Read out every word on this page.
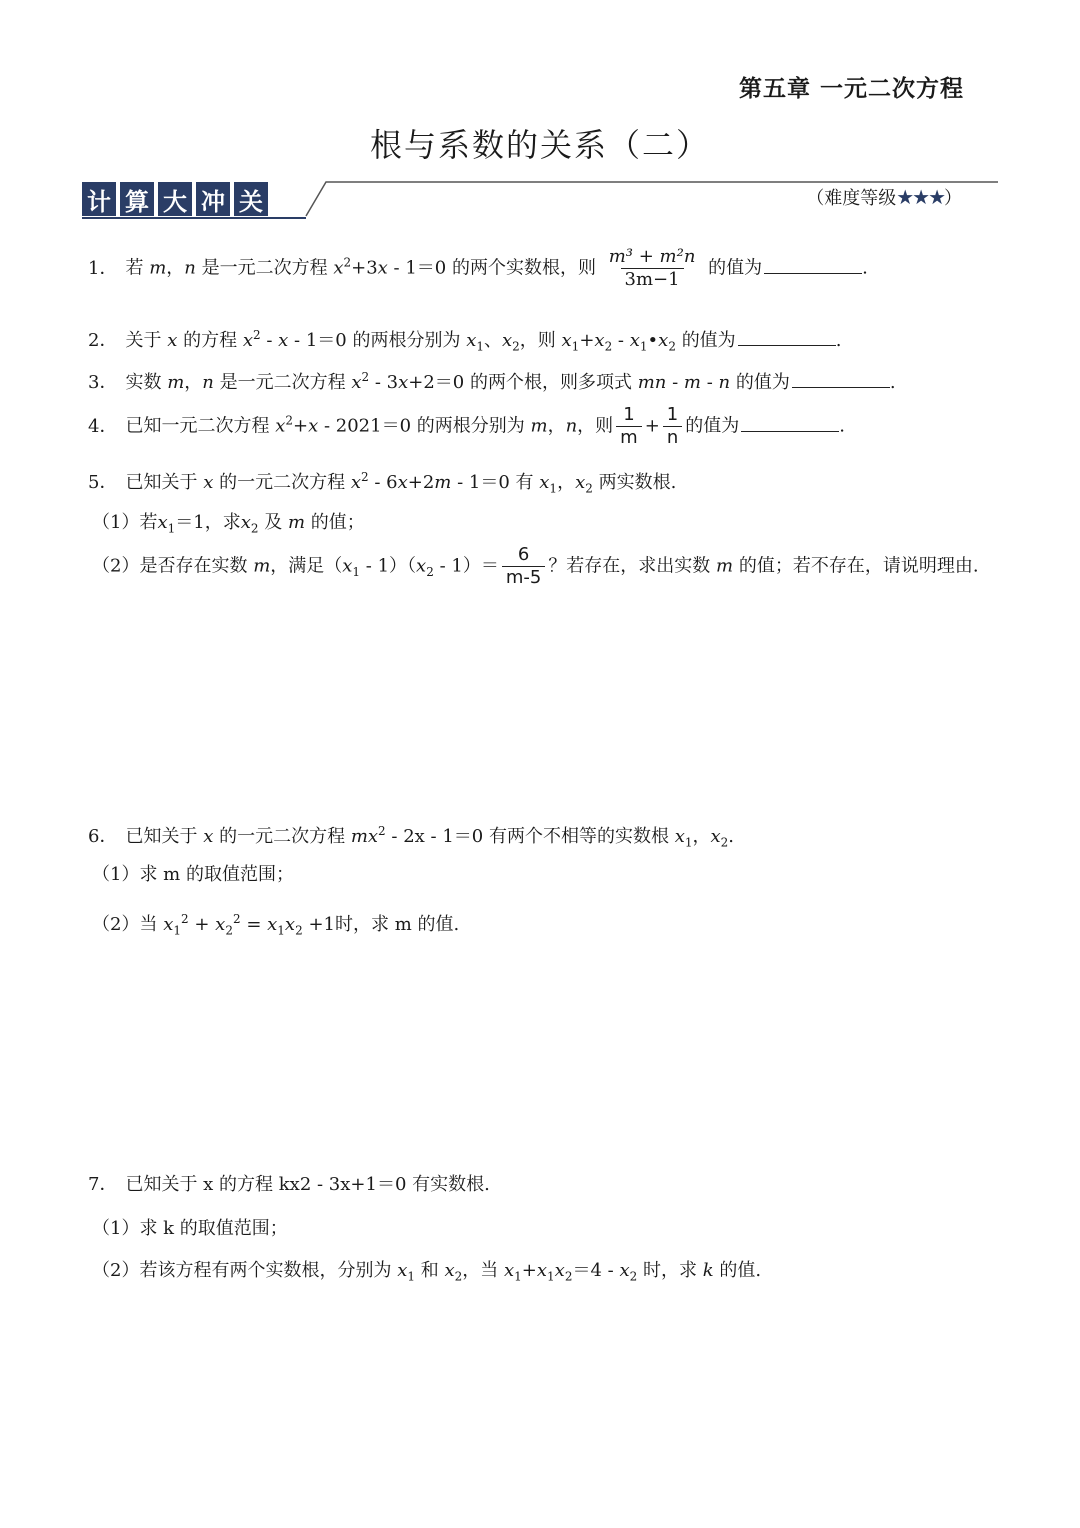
第五章 一元二次方程
根与系数的关系（二）
计 算 大 冲 关	（难度等级★★★）
1． 若 m，n 是一元二次方程 $x^2+3x - 1=0$ 的两个实数根，则 $\frac{\text{m³ + m²n}}{3m-1}$ 的值为	.
2． 关于 x 的方程 $x^2 - x - 1=0$ 的两根分别为 $x_1$、$x_2$，则 $x_1+x_2$ - $x_1•x_2$ 的值为	.
3． 实数 m，n 是一元二次方程 $x^2 - 3x+2=0$ 的两个根，则多项式 mn - m - n 的值为	.
4． 已知一元二次方程 $x^2+x - 2021=0$ 的两根分别为 m，n，则 $\frac{1}{m} + \frac{1}{n}$ 的值为	.
5． 已知关于 x 的一元二次方程 $x^2 - 6x+2m - 1=0$ 有 $x_1$，$x_2$ 两实数根.
（1）若$x_1=1$，求$x_2$ 及 m 的值；
（2）是否存在实数 m，满足$(x_1 - 1)(x_2 - 1)= \frac{6}{m-5}$ ？若存在，求出实数 m 的值；若不存在，请说明理由.
6． 已知关于 x 的一元二次方程 $mx^2 - 2x - 1=0$ 有两个不相等的实数根 $x_1$，$x_2$.
（1）求 m 的取值范围；
（2）当 $x_1^2 + x_2^2 = x_1x_2 +1$时，求 m 的值.
7． 已知关于 x 的方程 kx2 - 3x+1＝0 有实数根.
（1）求 k 的取值范围；
（2）若该方程有两个实数根，分别为 $x_1$ 和 $x_2$，当 $x_1+x_1x_2=4 - x_2$ 时，求 k 的值.
